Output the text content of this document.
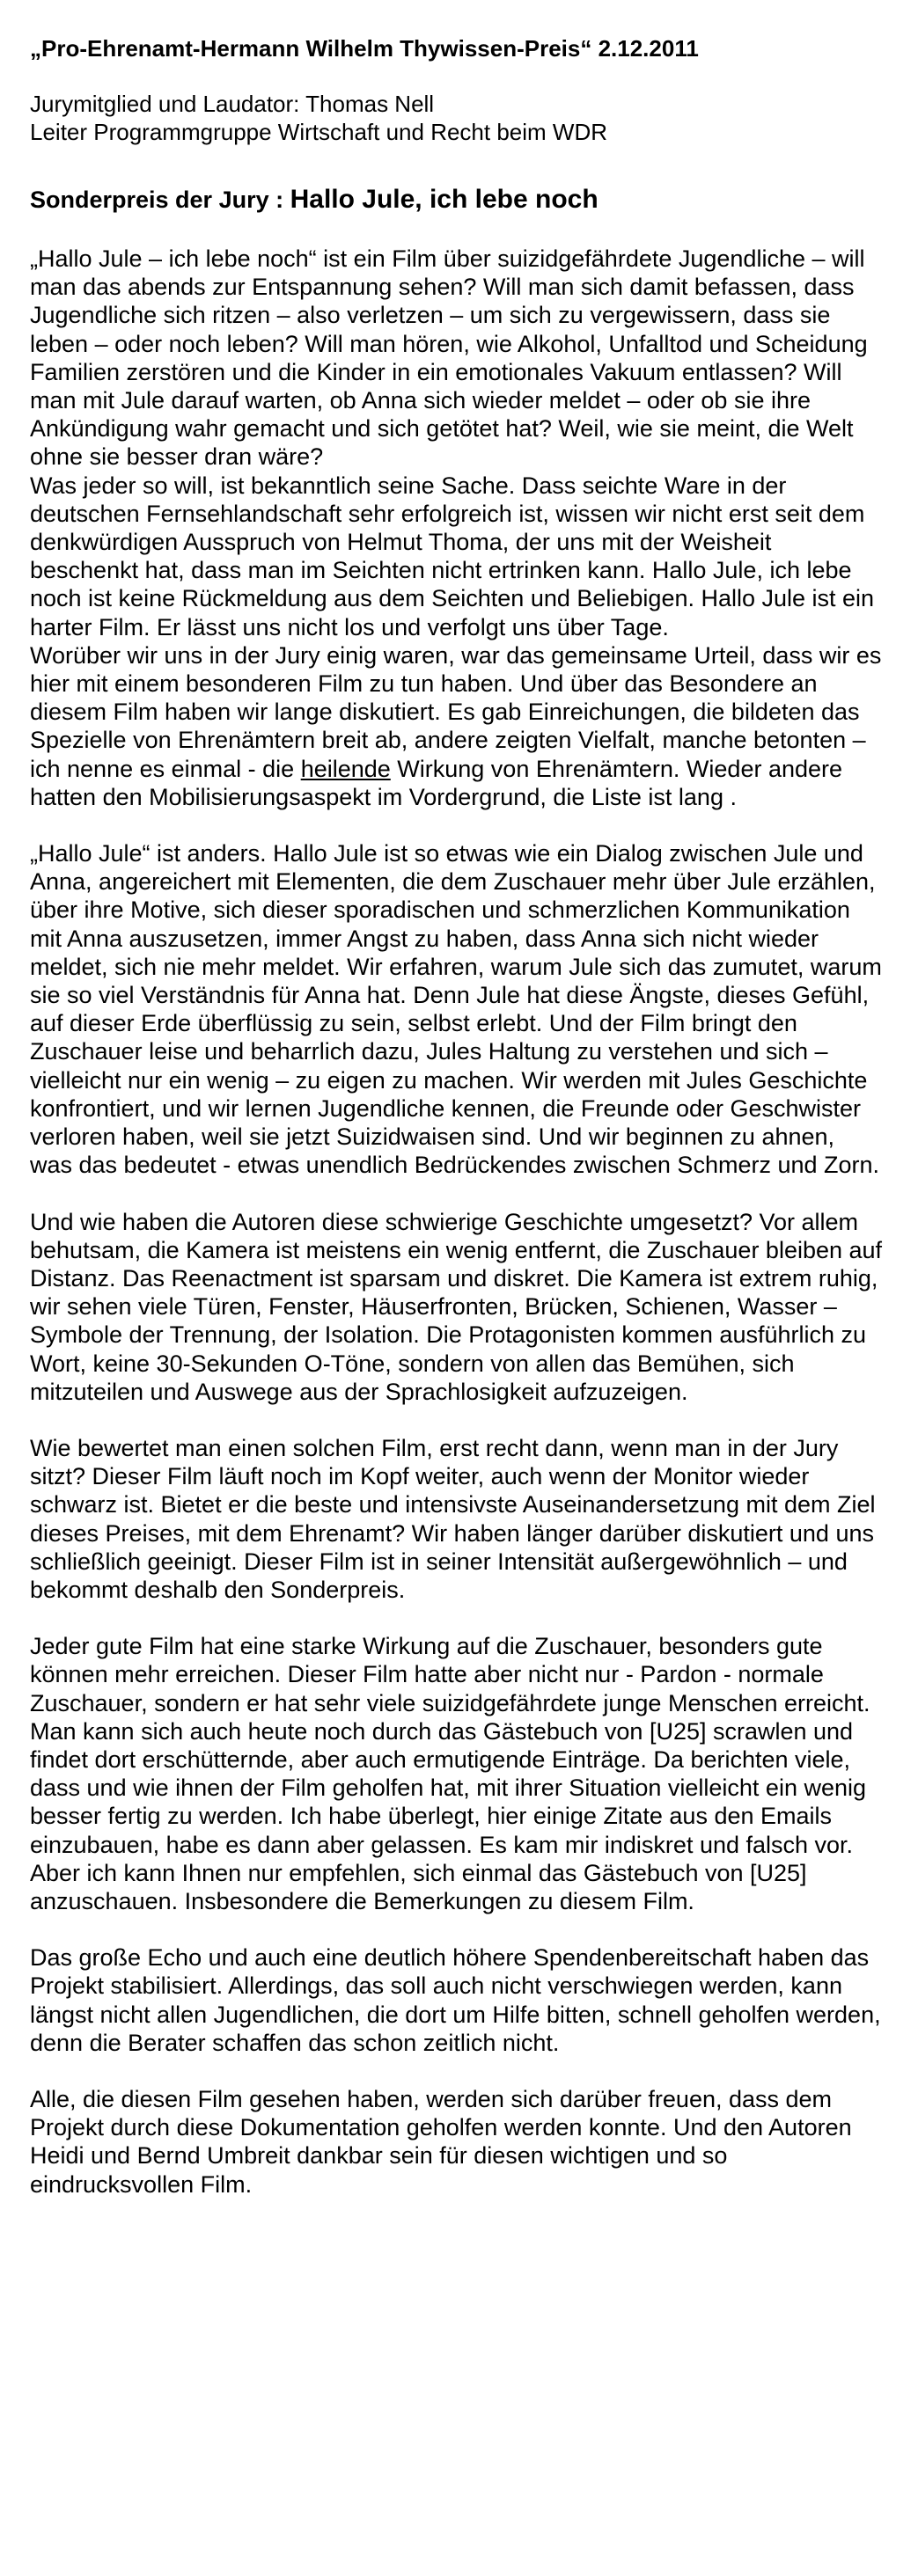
„Pro-Ehrenamt-Hermann Wilhelm Thywissen-Preis“ 2.12.2011
Jurymitglied und Laudator: Thomas Nell
Leiter Programmgruppe Wirtschaft und Recht beim WDR
Sonderpreis der Jury : Hallo Jule, ich lebe noch

„Hallo Jule – ich lebe noch“ ist ein Film über suizidgefährdete Jugendliche – will man das abends zur Entspannung sehen? Will man sich damit befassen, dass Jugendliche sich ritzen – also verletzen – um sich zu vergewissern, dass sie leben – oder noch leben? Will man hören, wie Alkohol, Unfalltod und Scheidung Familien zerstören und die Kinder in ein emotionales Vakuum entlassen? Will man mit Jule darauf warten, ob Anna sich wieder meldet – oder ob sie ihre Ankündigung wahr gemacht und sich getötet hat? Weil, wie sie meint, die Welt ohne sie besser dran wäre?

Was jeder so will, ist bekanntlich seine Sache. Dass seichte Ware in der deutschen Fernsehlandschaft sehr erfolgreich ist, wissen wir nicht erst seit dem denkwürdigen Ausspruch von Helmut Thoma, der uns mit der Weisheit beschenkt hat, dass man im Seichten nicht ertrinken kann. Hallo Jule, ich lebe noch ist keine Rückmeldung aus dem Seichten und Beliebigen. Hallo Jule ist ein harter Film. Er lässt uns nicht los und verfolgt uns über Tage.

Worüber wir uns in der Jury einig waren, war das gemeinsame Urteil, dass wir es hier mit einem besonderen Film zu tun haben. Und über das Besondere an diesem Film haben wir lange diskutiert. Es gab Einreichungen, die bildeten das Spezielle von Ehrenämtern breit ab, andere zeigten Vielfalt, manche betonten – ich nenne es einmal - die heilende Wirkung von Ehrenämtern. Wieder andere hatten den Mobilisierungsaspekt im Vordergrund, die Liste ist lang .

„Hallo Jule“ ist anders. Hallo Jule ist so etwas wie ein Dialog zwischen Jule und Anna, angereichert mit Elementen, die dem Zuschauer mehr über Jule erzählen, über ihre Motive, sich dieser sporadischen und schmerzlichen Kommunikation mit Anna auszusetzen, immer Angst zu haben, dass Anna sich nicht wieder meldet, sich nie mehr meldet. Wir erfahren, warum Jule sich das zumutet, warum sie so viel Verständnis für Anna hat. Denn Jule hat diese Ängste, dieses Gefühl, auf dieser Erde überflüssig zu sein, selbst erlebt. Und der Film bringt den Zuschauer leise und beharrlich dazu, Jules Haltung zu verstehen und sich – vielleicht nur ein wenig – zu eigen zu machen. Wir werden mit Jules Geschichte konfrontiert, und wir lernen Jugendliche kennen, die Freunde oder Geschwister verloren haben, weil sie jetzt Suizidwaisen sind. Und wir beginnen zu ahnen, was das bedeutet - etwas unendlich Bedrückendes zwischen Schmerz und Zorn.

Und wie haben die Autoren diese schwierige Geschichte umgesetzt? Vor allem behutsam, die Kamera ist meistens ein wenig entfernt, die Zuschauer bleiben auf Distanz. Das Reenactment ist sparsam und diskret. Die Kamera ist extrem ruhig, wir sehen viele Türen, Fenster, Häuserfronten, Brücken, Schienen, Wasser – Symbole der Trennung, der Isolation. Die Protagonisten kommen ausführlich zu Wort, keine 30-Sekunden O-Töne, sondern von allen das Bemühen, sich mitzuteilen und Auswege aus der Sprachlosigkeit aufzuzeigen.

Wie bewertet man einen solchen Film, erst recht dann, wenn man in der Jury sitzt? Dieser Film läuft noch im Kopf weiter, auch wenn der Monitor wieder schwarz ist. Bietet er die beste und intensivste Auseinandersetzung mit dem Ziel dieses Preises, mit dem Ehrenamt? Wir haben länger darüber diskutiert und uns schließlich geeinigt. Dieser Film ist in seiner Intensität außergewöhnlich – und bekommt deshalb den Sonderpreis.

Jeder gute Film hat eine starke Wirkung auf die Zuschauer, besonders gute können mehr erreichen. Dieser Film hatte aber nicht nur - Pardon - normale Zuschauer, sondern er hat sehr viele suizidgefährdete junge Menschen erreicht. Man kann sich auch heute noch durch das Gästebuch von [U25] scrawlen und findet dort erschütternde, aber auch ermutigende Einträge. Da berichten viele, dass und wie ihnen der Film geholfen hat, mit ihrer Situation vielleicht ein wenig besser fertig zu werden. Ich habe überlegt, hier einige Zitate aus den Emails einzubauen, habe es dann aber gelassen. Es kam mir indiskret und falsch vor. Aber ich kann Ihnen nur empfehlen, sich einmal das Gästebuch von [U25] anzuschauen. Insbesondere die Bemerkungen zu diesem Film.

Das große Echo und auch eine deutlich höhere Spendenbereitschaft haben das Projekt stabilisiert. Allerdings, das soll auch nicht verschwiegen werden, kann längst nicht allen Jugendlichen, die dort um Hilfe bitten, schnell geholfen werden, denn die Berater schaffen das schon zeitlich nicht.

Alle, die diesen Film gesehen haben, werden sich darüber freuen, dass dem Projekt durch diese Dokumentation geholfen werden konnte. Und den Autoren Heidi und Bernd Umbreit dankbar sein für diesen wichtigen und so eindrucksvollen Film.
